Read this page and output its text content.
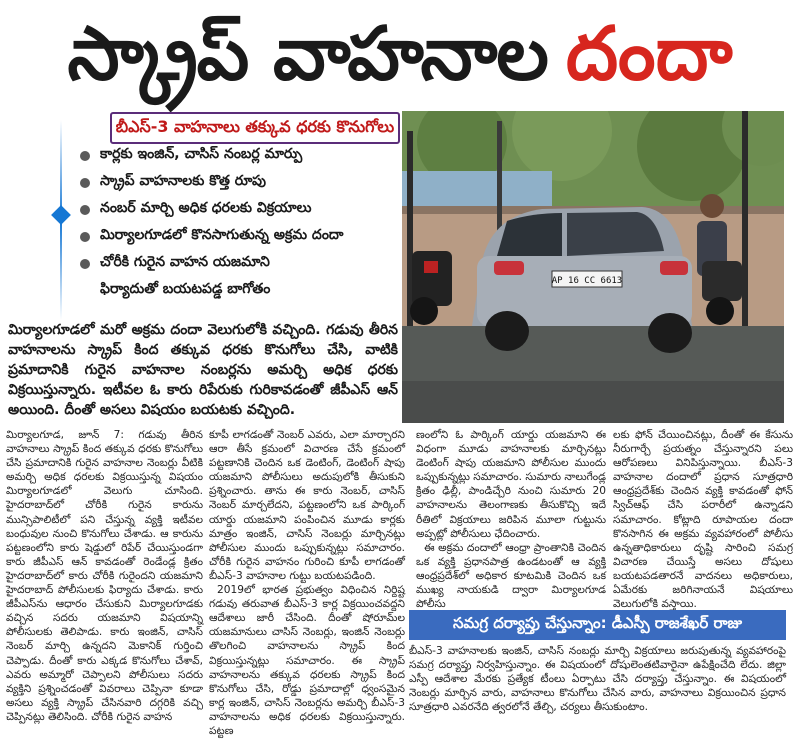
స్క్రాప్ వాహనాల దందా
బీఎస్‌-3 వాహనాలు తక్కువ ధరకు కొనుగోలు
కార్లకు ఇంజిన్‌, చాసిస్‌ నంబర్ల మార్పు
స్క్రాప్‌ వాహనాలకు కొత్త రూపు
నంబర్‌ మార్చి అధిక ధరలకు విక్రయాలు
మిర్యాలగూడలో కొనసాగుతున్న అక్రమ దందా
చోరీకి గురైన వాహన యజమాని
ఫిర్యాదుతో బయటపడ్డ బాగోతం	AP 16 CC 6613

మిర్యాలగూడలో మరో అక్రమ దందా వెలుగులోకి వచ్చింది. గడువు తీరిన వాహనాలను స్క్రాప్‌ కింద తక్కువ ధరకు కొనుగోలు చేసి, వాటికి ప్రమాదానికి గురైన వాహనాల నంబర్లను అమర్చి అధిక ధరకు విక్రయిస్తున్నారు. ఇటీవల ఓ కారు రిపేరుకు గురికావడంతో జీపీఎస్‌ ఆన్‌ అయింది. దీంతో అసలు విషయం బయటకు వచ్చింది.

మిర్యాలగూడ, జూన్‌ 7: గడువు తీరిన వాహనాలు స్క్రాప్‌ కింద తక్కువ ధరకు కొనుగోలు చేసి ప్రమాదానికి గురైన వాహనాల నెంబర్లు వీటికి అమర్చి అధిక ధరలకు విక్రయిస్తున్న విషయం మిర్యాలగూడలో వెలుగు చూసింది. హైదరాబాద్‌లో చోరీకి గురైన కారును మున్సిపాలిటీలో పని చేస్తున్న వ్యక్తి ఇటీవల బంధువుల నుంచి కొనుగోలు చేశాడు. ఆ కారును పట్టణంలోని కారు షెడ్డులో రిపేర్‌ చేయిస్తుండగా కారు జీపీఎస్‌ ఆన్‌ కావడంతో రెండేండ్ల క్రితం హైదరాబాద్‌లో కారు చోరీకి గురైందని యజమాని హైదరాబాద్‌ పోలీసులకు ఫిర్యాదు చేశాడు. కారు జీపీఎస్‌ను ఆధారం చేసుకుని మిర్యాలగూడకు వచ్చిన సదరు యజమాని విషయాన్ని పోలీసులకు తెలిపాడు. కారు ఇంజిన్‌, చాసిస్‌ నెంబర్‌ మార్చి ఉన్నదని మెకానిక్‌ గుర్తించి చెప్పాడు. దీంతో కారు ఎక్కడ కొనుగోలు చేశావ్‌, ఎవరు అమ్మారో చెప్పాలని పోలీసులు సదరు వ్యక్తిని ప్రశ్నించడంతో వివరాలు చెప్పినా కూడా అసలు వ్యక్తి స్క్రాప్‌ చేసినవారి దగ్గరికి వచ్చి చెప్పినట్లు తెలిసింది. చోరీకి గురైన వాహన

కూపీ లాగడంతో నెంబర్‌ ఎవరు, ఎలా మార్చారని ఆరా తీసే క్రమంలో విచారణ చేసే క్రమంలో పట్టణానికి చెందిన ఒక డెంటింగ్‌, డెంటింగ్‌ షాపు యజమాని పోలీసులు అదుపులోకి తీసుకుని ప్రశ్నించారు. తాను ఈ కారు నెంబర్‌, చాసిస్‌ నెంబర్‌ మార్చలేదని, పట్టణంలోని ఒక పార్కింగ్‌ యార్డు యజమాని పంపించిన మూడు కార్లకు మాత్రం ఇంజిన్‌, చాసిస్‌ నెంబర్లు మార్చినట్లు పోలీసుల ముందు ఒప్పుకున్నట్లు సమాచారం. చోరీకి గురైన వాహనం గురించి కూపీ లాగడంతో బీఎస్‌-3 వాహనాల గుట్టు బయటపడింది.

2019లో భారత ప్రభుత్వం విధించిన నిర్దిష్ట గడువు తరువాత బీఎస్‌-3 కార్ల విక్రయించవద్దని ఆదేశాలు జారీ చేసింది. దీంతో షోరూమ్‌ల యజమానులు చాసిస్‌ నెంబర్లు, ఇంజిన్‌ నెంబర్లు తొలగించి వాహనాలను స్క్రాప్‌ కింద విక్రయిస్తున్నట్లు సమాచారం. ఈ స్క్రాప్‌ వాహనాలను తక్కువ ధరలకు స్క్రాప్‌ కింద కొనుగోలు చేసి, రోడ్డు ప్రమాదాల్లో ధ్వంసమైన కార్ల ఇంజిన్‌, చాసిస్‌ నెంబర్లను అమర్చి బీఎస్‌-3 వాహనాలను అధిక ధరలకు విక్రయిస్తున్నారు. పట్టణ

ణంలోని ఓ పార్కింగ్‌ యార్డు యజమాని ఈ విధంగా మూడు వాహనాలకు మార్చినట్లు డెంటింగ్‌ షాపు యజమాని పోలీసుల ముందు ఒప్పుకున్నట్లు సమాచారం. సుమారు నాలుగేండ్ల క్రితం ఢిల్లీ, పాండిచ్చేరి నుంచి సుమారు 20 వాహనాలను తెలంగాణకు తీసుకొచ్చి ఇదే రీతిలో విక్రయాలు జరిపిన మూలా గుట్టును అప్పట్లో పోలీసులు ఛేదించారు.

ఈ అక్రమ దందాలో ఆంధ్రా ప్రాంతానికి చెందిన ఒక వ్యక్తి ప్రధానపాత్ర ఉండటంతో ఆ వ్యక్తి ఆంధ్రప్రదేశ్‌లో అధికార కూటమికి చెందిన ఒక ముఖ్య నాయకుడి ద్వారా మిర్యాలగూడ పోలీసు

లకు ఫోన్‌ చేయించినట్లు, దీంతో ఈ కేసును నీరుగార్చే ప్రయత్నం చేస్తున్నారని పలు ఆరోపణలు వినిపిస్తున్నాయి. బీఎస్‌-3 వాహనాల దందాలో ప్రధాన సూత్రధారి ఆంధ్రప్రదేశ్‌కు చెందిన వ్యక్తి కావడంతో ఫోన్‌ స్విచ్‌ఆఫ్‌ చేసి పరారీలో ఉన్నాడని సమాచారం. కోట్లాది రూపాయల దందా కొనసాగిన ఈ అక్రమ వ్యవహారంలో పోలీసు ఉన్నతాధికారులు దృష్టి సారించి సమగ్ర విచారణ చేయిస్తే అసలు దోషులు బయటపడతారనే వాదనలు అధికారులు, ఏమేరకు జరిగినాయనే విషయాలు వెలుగులోకి వస్తాయి.

సమగ్ర దర్యాప్తు చేస్తున్నాం: డీఎస్పీ రాజశేఖర్‌ రాజు

బీఎస్‌-3 వాహనాలకు ఇంజిన్‌, చాసిస్‌ నంబర్లు మార్చి విక్రయాలు జరుపుతున్న వ్యవహారంపై సమగ్ర దర్యాప్తు నిర్వహిస్తున్నాం. ఈ విషయంలో దోషులెంతటివారైనా ఉపేక్షించేది లేదు. జిల్లా ఎస్పీ ఆదేశాల మేరకు ప్రత్యేక టీంలు ఏర్పాటు చేసి దర్యాప్తు చేస్తున్నాం. ఈ విషయంలో నెంబర్లు మార్చిన వారు, వాహనాలు కొనుగోలు చేసిన వారు, వాహనాలు విక్రయించిన ప్రధాన సూత్రధారి ఎవరనేది త్వరలోనే తేల్చి, చర్యలు తీసుకుంటాం.
